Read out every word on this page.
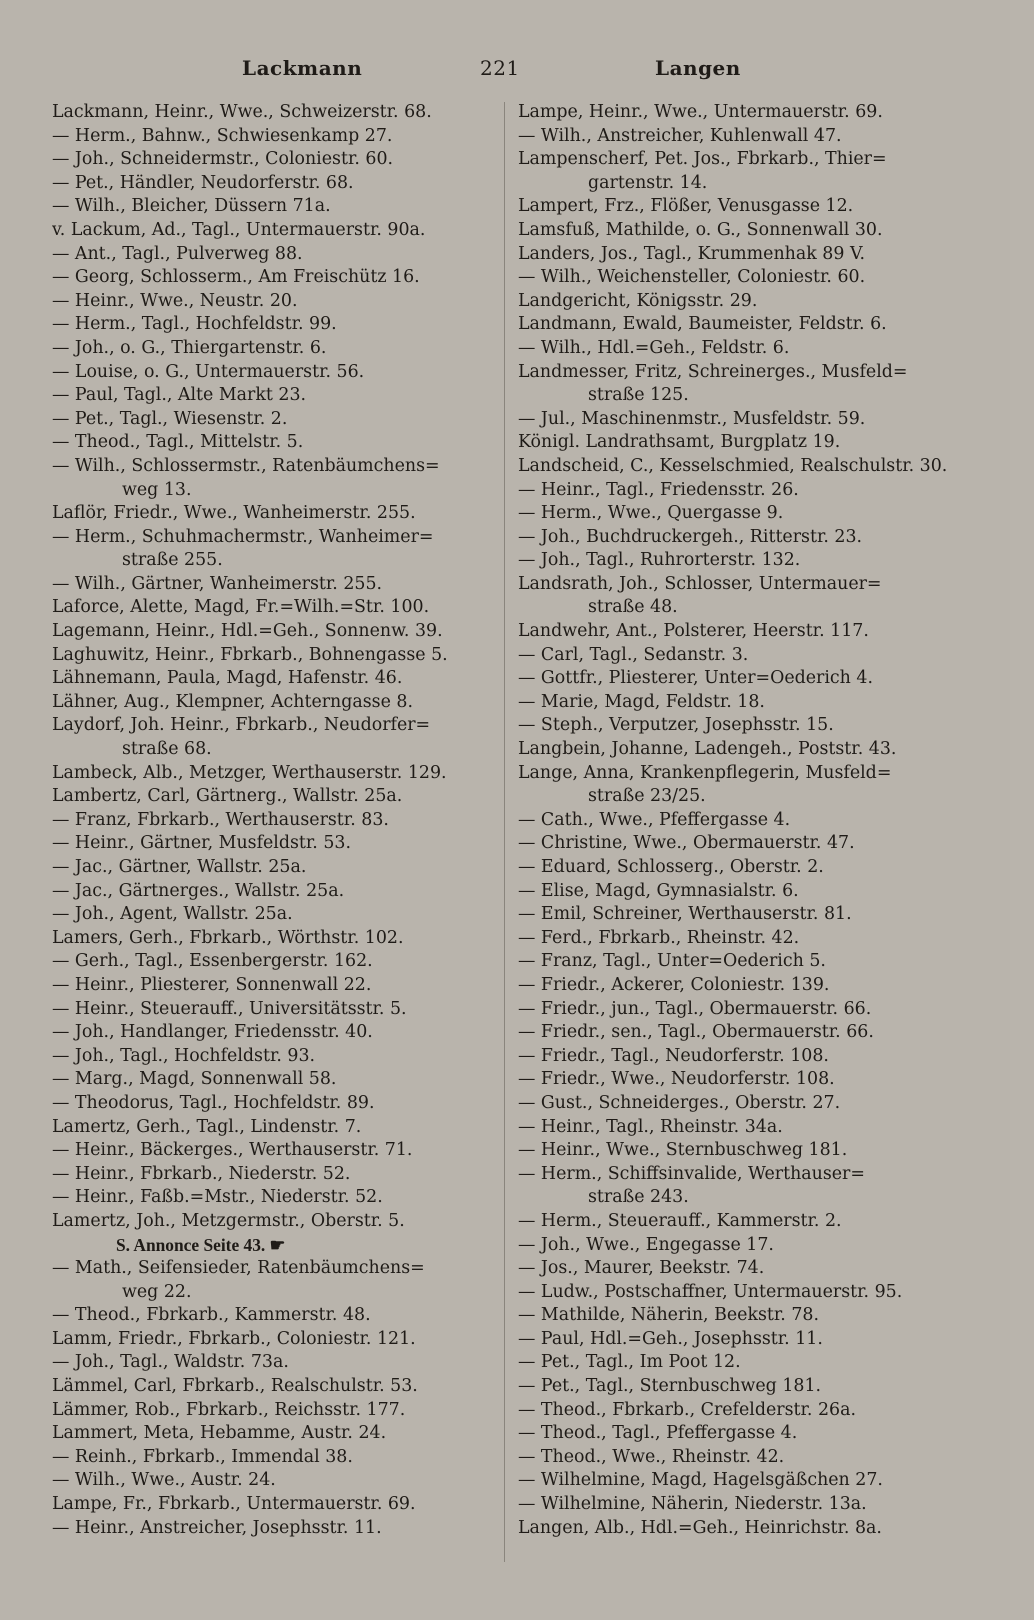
Lackmann	221	Langen
Lackmann, Heinr., Wwe., Schweizerstr. 68.
— Herm., Bahnw., Schwiesenkamp 27.
— Joh., Schneidermstr., Coloniestr. 60.
— Pet., Händler, Neudorferstr. 68.
— Wilh., Bleicher, Düssern 71a.
v. Lackum, Ad., Tagl., Untermauerstr. 90a.
— Ant., Tagl., Pulverweg 88.
— Georg, Schlosserm., Am Freischütz 16.
— Heinr., Wwe., Neustr. 20.
— Herm., Tagl., Hochfeldstr. 99.
— Joh., o. G., Thiergartenstr. 6.
— Louise, o. G., Untermauerstr. 56.
— Paul, Tagl., Alte Markt 23.
— Pet., Tagl., Wiesenstr. 2.
— Theod., Tagl., Mittelstr. 5.
— Wilh., Schlossermstr., Ratenbäumchens=
weg 13.
Laflör, Friedr., Wwe., Wanheimerstr. 255.
— Herm., Schuhmachermstr., Wanheimer=
straße 255.
— Wilh., Gärtner, Wanheimerstr. 255.
Laforce, Alette, Magd, Fr.=Wilh.=Str. 100.
Lagemann, Heinr., Hdl.=Geh., Sonnenw. 39.
Laghuwitz, Heinr., Fbrkarb., Bohnengasse 5.
Lähnemann, Paula, Magd, Hafenstr. 46.
Lähner, Aug., Klempner, Achterngasse 8.
Laydorf, Joh. Heinr., Fbrkarb., Neudorfer=
straße 68.
Lambeck, Alb., Metzger, Werthauserstr. 129.
Lambertz, Carl, Gärtnerg., Wallstr. 25a.
— Franz, Fbrkarb., Werthauserstr. 83.
— Heinr., Gärtner, Musfeldstr. 53.
— Jac., Gärtner, Wallstr. 25a.
— Jac., Gärtnerges., Wallstr. 25a.
— Joh., Agent, Wallstr. 25a.
Lamers, Gerh., Fbrkarb., Wörthstr. 102.
— Gerh., Tagl., Essenbergerstr. 162.
— Heinr., Pliesterer, Sonnenwall 22.
— Heinr., Steuerauff., Universitätsstr. 5.
— Joh., Handlanger, Friedensstr. 40.
— Joh., Tagl., Hochfeldstr. 93.
— Marg., Magd, Sonnenwall 58.
— Theodorus, Tagl., Hochfeldstr. 89.
Lamertz, Gerh., Tagl., Lindenstr. 7.
— Heinr., Bäckerges., Werthauserstr. 71.
— Heinr., Fbrkarb., Niederstr. 52.
— Heinr., Faßb.=Mstr., Niederstr. 52.
Lamertz, Joh., Metzgermstr., Oberstr. 5.
S. Annonce Seite 43. ☛
— Math., Seifensieder, Ratenbäumchens=
weg 22.
— Theod., Fbrkarb., Kammerstr. 48.
Lamm, Friedr., Fbrkarb., Coloniestr. 121.
— Joh., Tagl., Waldstr. 73a.
Lämmel, Carl, Fbrkarb., Realschulstr. 53.
Lämmer, Rob., Fbrkarb., Reichsstr. 177.
Lammert, Meta, Hebamme, Austr. 24.
— Reinh., Fbrkarb., Immendal 38.
— Wilh., Wwe., Austr. 24.
Lampe, Fr., Fbrkarb., Untermauerstr. 69.
— Heinr., Anstreicher, Josephsstr. 11.
Lampe, Heinr., Wwe., Untermauerstr. 69.
— Wilh., Anstreicher, Kuhlenwall 47.
Lampenscherf, Pet. Jos., Fbrkarb., Thier=
gartenstr. 14.
Lampert, Frz., Flößer, Venusgasse 12.
Lamsfuß, Mathilde, o. G., Sonnenwall 30.
Landers, Jos., Tagl., Krummenhak 89 V.
— Wilh., Weichensteller, Coloniestr. 60.
Landgericht, Königsstr. 29.
Landmann, Ewald, Baumeister, Feldstr. 6.
— Wilh., Hdl.=Geh., Feldstr. 6.
Landmesser, Fritz, Schreinerges., Musfeld=
straße 125.
— Jul., Maschinenmstr., Musfeldstr. 59.
Königl. Landrathsamt, Burgplatz 19.
Landscheid, C., Kesselschmied, Realschulstr. 30.
— Heinr., Tagl., Friedensstr. 26.
— Herm., Wwe., Quergasse 9.
— Joh., Buchdruckergeh., Ritterstr. 23.
— Joh., Tagl., Ruhrorterstr. 132.
Landsrath, Joh., Schlosser, Untermauer=
straße 48.
Landwehr, Ant., Polsterer, Heerstr. 117.
— Carl, Tagl., Sedanstr. 3.
— Gottfr., Pliesterer, Unter=Oederich 4.
— Marie, Magd, Feldstr. 18.
— Steph., Verputzer, Josephsstr. 15.
Langbein, Johanne, Ladengeh., Poststr. 43.
Lange, Anna, Krankenpflegerin, Musfeld=
straße 23/25.
— Cath., Wwe., Pfeffergasse 4.
— Christine, Wwe., Obermauerstr. 47.
— Eduard, Schlosserg., Oberstr. 2.
— Elise, Magd, Gymnasialstr. 6.
— Emil, Schreiner, Werthauserstr. 81.
— Ferd., Fbrkarb., Rheinstr. 42.
— Franz, Tagl., Unter=Oederich 5.
— Friedr., Ackerer, Coloniestr. 139.
— Friedr., jun., Tagl., Obermauerstr. 66.
— Friedr., sen., Tagl., Obermauerstr. 66.
— Friedr., Tagl., Neudorferstr. 108.
— Friedr., Wwe., Neudorferstr. 108.
— Gust., Schneiderges., Oberstr. 27.
— Heinr., Tagl., Rheinstr. 34a.
— Heinr., Wwe., Sternbuschweg 181.
— Herm., Schiffsinvalide, Werthauser=
straße 243.
— Herm., Steuerauff., Kammerstr. 2.
— Joh., Wwe., Engegasse 17.
— Jos., Maurer, Beekstr. 74.
— Ludw., Postschaffner, Untermauerstr. 95.
— Mathilde, Näherin, Beekstr. 78.
— Paul, Hdl.=Geh., Josephsstr. 11.
— Pet., Tagl., Im Poot 12.
— Pet., Tagl., Sternbuschweg 181.
— Theod., Fbrkarb., Crefelderstr. 26a.
— Theod., Tagl., Pfeffergasse 4.
— Theod., Wwe., Rheinstr. 42.
— Wilhelmine, Magd, Hagelsgäßchen 27.
— Wilhelmine, Näherin, Niederstr. 13a.
Langen, Alb., Hdl.=Geh., Heinrichstr. 8a.
